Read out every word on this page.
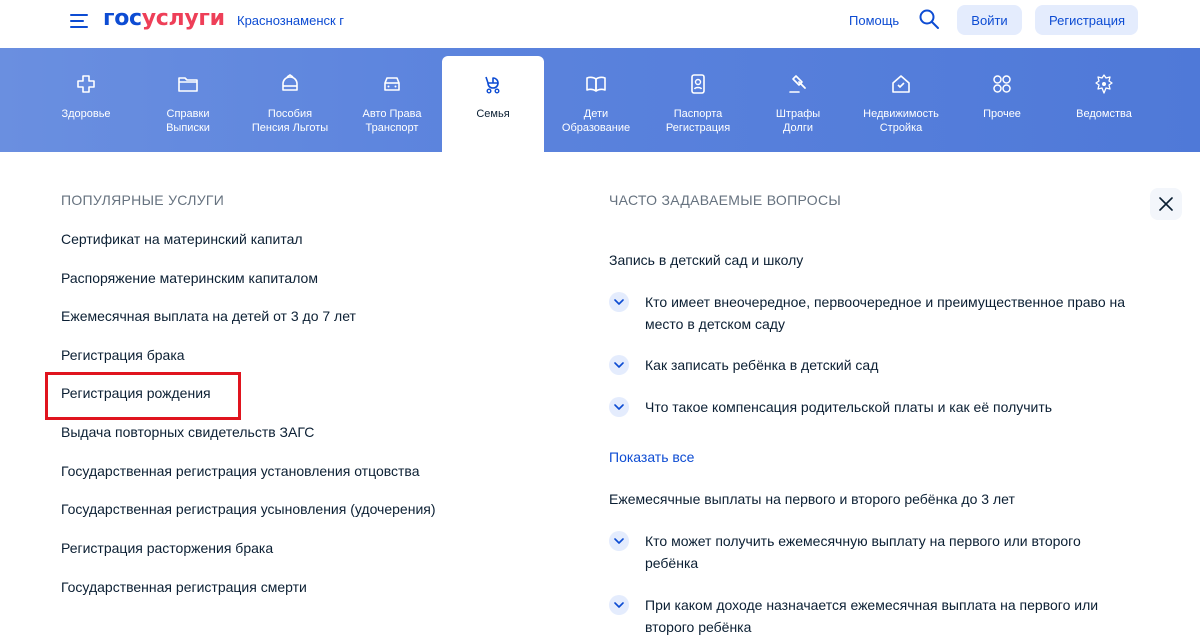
госуслуги Краснознаменск г	Помощь	Войти	Регистрация
Здоровье	Справки
Выписки
Пособия
Пенсия Льготы
Авто Права
Транспорт
Семья	Дети
Образование
Паспорта
Регистрация
Штрафы
Долги
Недвижимость
Стройка
Прочее	Ведомства
ПОПУЛЯРНЫЕ УСЛУГИ
Сертификат на материнский капитал
Распоряжение материнским капиталом
Ежемесячная выплата на детей от 3 до 7 лет
Регистрация брака
Регистрация рождения
Выдача повторных свидетельств ЗАГС
Государственная регистрация установления отцовства
Государственная регистрация усыновления (удочерения)
Регистрация расторжения брака
Государственная регистрация смерти
ЧАСТО ЗАДАВАЕМЫЕ ВОПРОСЫ
Запись в детский сад и школу
Кто имеет внеочередное, первоочередное и преимущественное право на место в детском саду
Как записать ребёнка в детский сад
Что такое компенсация родительской платы и как её получить
Показать все
Ежемесячные выплаты на первого и второго ребёнка до 3 лет
Кто может получить ежемесячную выплату на первого или второго ребёнка
При каком доходе назначается ежемесячная выплата на первого или второго ребёнка
